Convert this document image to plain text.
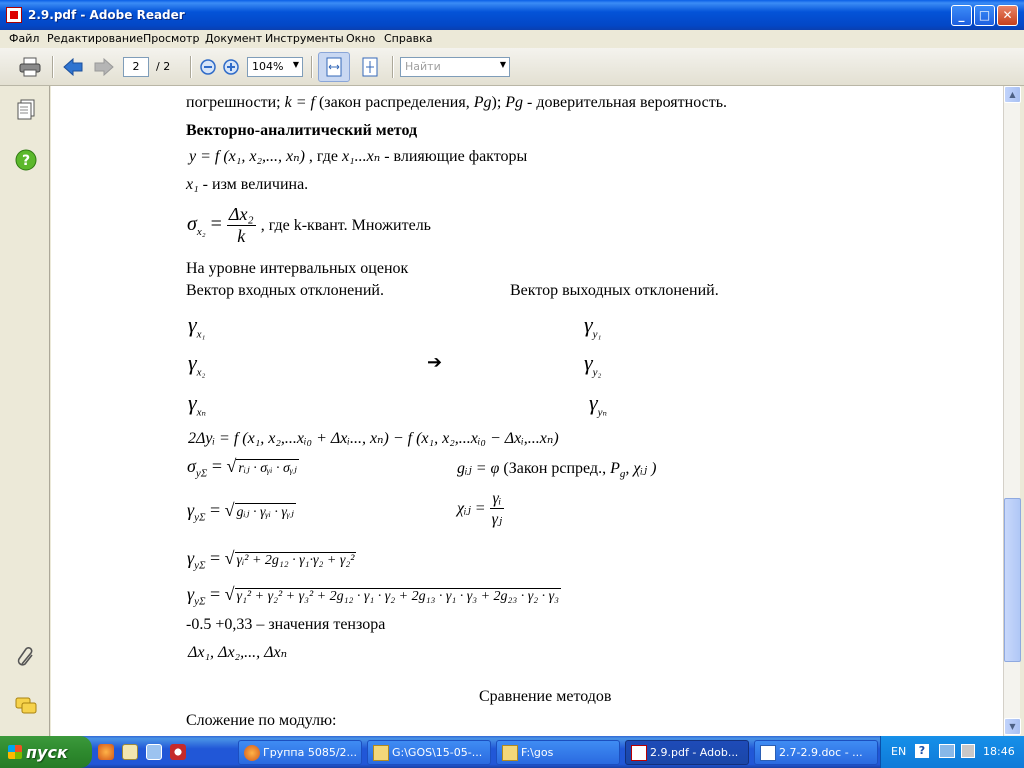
2.9.pdf - Adobe Reader	_	□	✕
Файл Редактирование Просмотр Документ Инструменты Окно Справка
2	/ 2	104% ▼	Найти	▼
?
погрешности; k = f (закон распределения, Pg); Pg - доверительная вероятность.
Векторно-аналитический метод
y = f (x₁, x₂,..., xₙ) , где x₁...xₙ - влияющие факторы
x₁ - изм величина.
$\sigma_{x_2} = \frac{\text{Δx₂}}{k}$ , где k-квант. Множитель
На уровне интервальных оценок
Вектор входных отклонений.	Вектор выходных отклонений.
$\gamma_{x_1}$
$\gamma_{x_2}$
$\gamma_{x_n}$
➔
$\gamma_{y_1}$
$\gamma_{y_2}$
$\gamma_{y_n}$
2Δyᵢ = f (x₁, x₂,...xᵢ₀ + Δxᵢ..., xₙ) − f (x₁, x₂,...xᵢ₀ − Δxᵢ,...xₙ)
$\sigma_{y\Sigma}$ = √ rᵢⱼ · σᵧᵢ · σᵧⱼ	gᵢⱼ = φ (Закон рспред., $P_g$, χᵢⱼ )
$\gamma_{y\Sigma}$ = √ gᵢⱼ · γᵧᵢ · γᵧⱼ	χᵢⱼ = $\frac{\text{γᵢ}}{\text{γⱼ}}$
$\gamma_{y\Sigma}$ = √ γᵢ² + 2g₁₂ · γ₁·γ₂ + γ₂²
$\gamma_{y\Sigma}$ = √ γ₁² + γ₂² + γ₃² + 2g₁₂ · γ₁ · γ₂ + 2g₁₃ · γ₁ · γ₃ + 2g₂₃ · γ₂ · γ₃
-0.5 +0,33 – значения тензора
Δx₁, Δx₂,..., Δxₙ
Сравнение методов
Сложение по модулю:
▲
▼
пуск	Группа 5085/2...	G:\GOS\15-05-...	F:\gos	2.9.pdf - Adob...	2.7-2.9.doc - ...	EN	?	18:46
